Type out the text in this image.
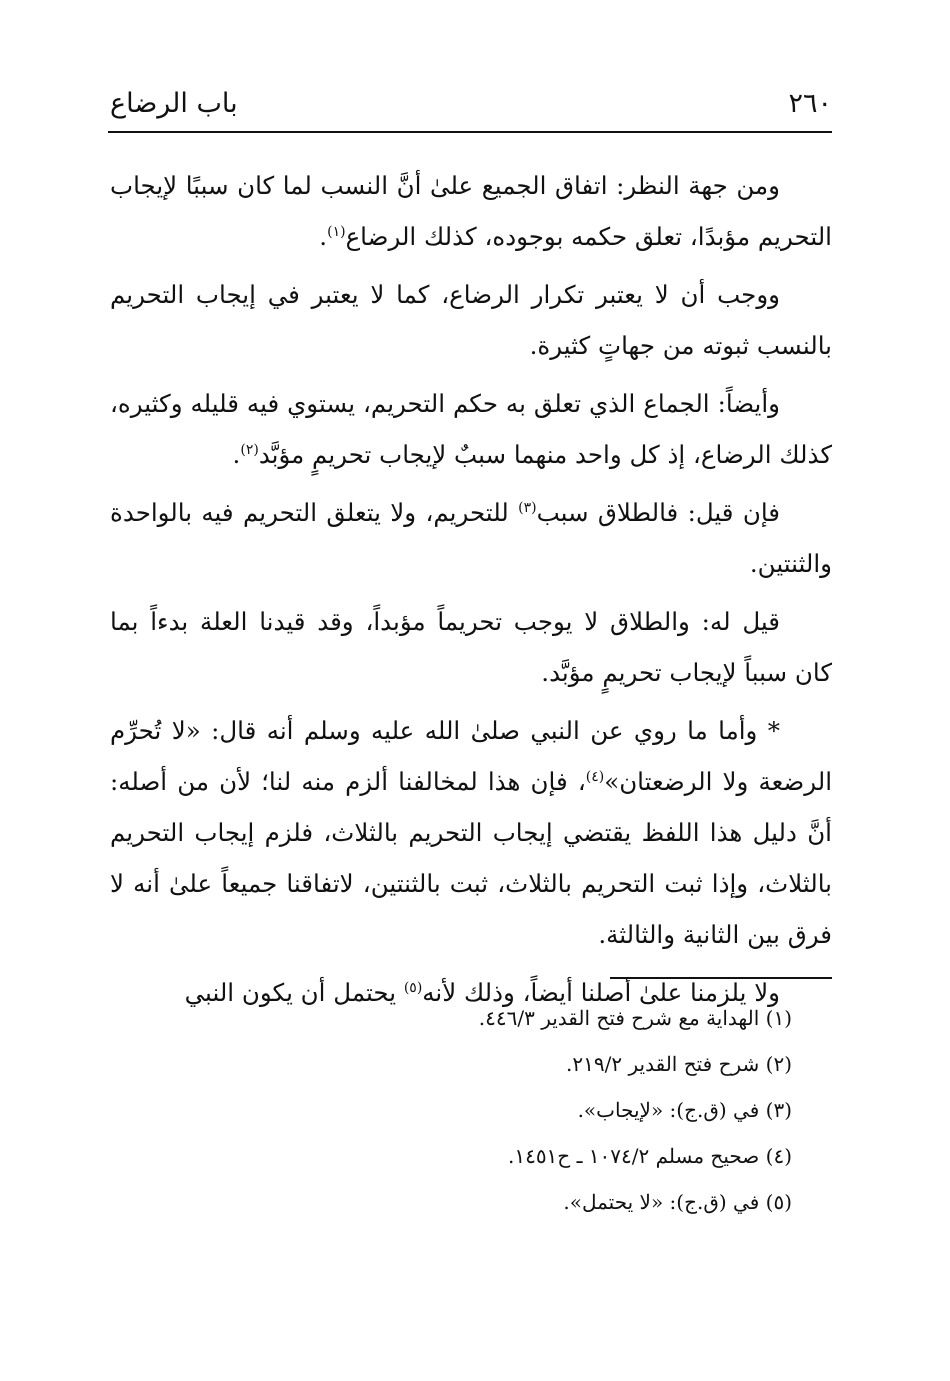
٢٦٠
باب الرضاع

ومن جهة النظر: اتفاق الجميع علىٰ أنَّ النسب لما كان سببًا لإيجاب التحريم مؤبدًا، تعلق حكمه بوجوده، كذلك الرضاع$^{(١)}$.

ووجب أن لا يعتبر تكرار الرضاع، كما لا يعتبر في إيجاب التحريم بالنسب ثبوته من جهاتٍ كثيرة.

وأيضاً: الجماع الذي تعلق به حكم التحريم، يستوي فيه قليله وكثيره، كذلك الرضاع، إذ كل واحد منهما سببٌ لإيجاب تحريمٍ مؤبَّد$^{(٢)}$.

فإن قيل: فالطلاق سبب$^{(٣)}$ للتحريم، ولا يتعلق التحريم فيه بالواحدة والثنتين.

قيل له: والطلاق لا يوجب تحريماً مؤبداً، وقد قيدنا العلة بدءاً بما كان سبباً لإيجاب تحريمٍ مؤبَّد.

* وأما ما روي عن النبي صلىٰ الله عليه وسلم أنه قال: «لا تُحرِّم الرضعة ولا الرضعتان»$^{(٤)}$، فإن هذا لمخالفنا ألزم منه لنا؛ لأن من أصله: أنَّ دليل هذا اللفظ يقتضي إيجاب التحريم بالثلاث، فلزم إيجاب التحريم بالثلاث، وإذا ثبت التحريم بالثلاث، ثبت بالثنتين، لاتفاقنا جميعاً علىٰ أنه لا فرق بين الثانية والثالثة.

ولا يلزمنا علىٰ أصلنا أيضاً، وذلك لأنه$^{(٥)}$ يحتمل أن يكون النبي

(١) الهداية مع شرح فتح القدير ٤٤٦/٣.

(٢) شرح فتح القدير ٢١٩/٢.

(٣) في (ق.ج): «لإيجاب».

(٤) صحيح مسلم ١٠٧٤/٢ ـ ح١٤٥١.

(٥) في (ق.ج): «لا يحتمل».
